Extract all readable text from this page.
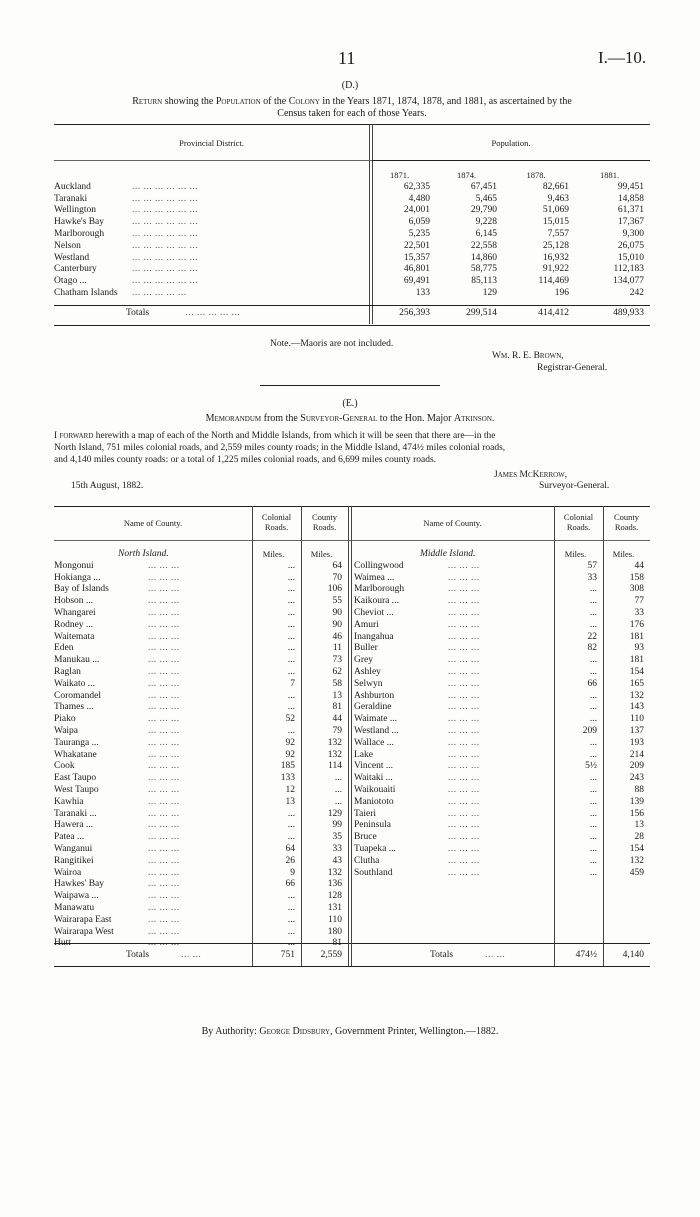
11	I.—10.
(D.)
Return showing the Population of the Colony in the Years 1871, 1874, 1878, and 1881, as ascertained by the
Census taken for each of those Years.
Provincial District.	Population.
	1871.	1874.	1878.	1881.
Auckland ... ... ... ... ... ...	62,335	67,451	82,661	99,451
Taranaki ... ... ... ... ... ...	4,480	5,465	9,463	14,858
Wellington ... ... ... ... ... ...	24,001	29,790	51,069	61,371
Hawke's Bay ... ... ... ... ... ...	6,059	9,228	15,015	17,367
Marlborough ... ... ... ... ... ...	5,235	6,145	7,557	9,300
Nelson ... ... ... ... ... ...	22,501	22,558	25,128	26,075
Westland ... ... ... ... ... ...	15,357	14,860	16,932	15,010
Canterbury ... ... ... ... ... ...	46,801	58,775	91,922	112,183
Otago ... ... ... ... ... ... ...	69,491	85,113	114,469	134,077
Chatham Islands ... ... ... ... ...	133	129	196	242
Totals	... ... ... ... ...	256,393	299,514	414,412	489,933
Note.—Maoris are not included.
Wm. R. E. Brown,
Registrar-General.
(E.)
Memorandum from the Surveyor-General to the Hon. Major Atkinson.
I forward herewith a map of each of the North and Middle Islands, from which it will be seen that there are—in the
North Island, 751 miles colonial roads, and 2,559 miles county roads; in the Middle Island, 474½ miles colonial roads,
and 4,140 miles county roads: or a total of 1,225 miles colonial roads, and 6,699 miles county roads.
James McKerrow,
15th August, 1882.	Surveyor-General.
Name of County.
Colonial
Roads.
County
Roads.	Name of County.
Colonial
Roads.
County
Roads.
North Island.	Miles.	Miles.
Mongonui ... ... ...	...	64
Hokianga ... ... ... ...	...	70
Bay of Islands ... ... ...	...	106
Hobson ... ... ... ...	...	55
Whangarei ... ... ...	...	90
Rodney ... ... ... ...	...	90
Waitemata ... ... ...	...	46
Eden ... ... ...	...	11
Manukau ... ... ... ...	...	73
Raglan ... ... ...	...	62
Waikato ... ... ... ...	7	58
Coromandel ... ... ...	...	13
Thames ... ... ... ...	...	81
Piako ... ... ...	52	44
Waipa ... ... ...	...	79
Tauranga ... ... ... ...	92	132
Whakatane ... ... ...	92	132
Cook ... ... ...	185	114
East Taupo ... ... ...	133	...
West Taupo ... ... ...	12	...
Kawhia ... ... ...	13	...
Taranaki ... ... ... ...	...	129
Hawera ... ... ... ...	...	99
Patea ... ... ... ...	...	35
Wanganui ... ... ...	64	33
Rangitikei ... ... ...	26	43
Wairoa ... ... ...	9	132
Hawkes' Bay ... ... ...	66	136
Waipawa ... ... ... ...	...	128
Manawatu ... ... ...	...	131
Wairarapa East ... ... ...	...	110
Wairarapa West ... ... ...	...	180
Hutt ... ... ...	...	81
Middle Island.	Miles.	Miles.
Collingwood ... ... ...	57	44
Waimea ... ... ... ...	33	158
Marlborough ... ... ...	...	308
Kaikoura ... ... ... ...	...	77
Cheviot ... ... ... ...	...	33
Amuri ... ... ...	...	176
Inangahua ... ... ...	22	181
Buller ... ... ...	82	93
Grey ... ... ...	...	181
Ashley ... ... ...	...	154
Selwyn ... ... ...	66	165
Ashburton ... ... ...	...	132
Geraldine ... ... ...	...	143
Waimate ... ... ... ...	...	110
Westland ... ... ... ...	209	137
Wallace ... ... ... ...	...	193
Lake ... ... ...	...	214
Vincent ... ... ... ...	5½	209
Waitaki ... ... ... ...	...	243
Waikouaiti ... ... ...	...	88
Maniototo ... ... ...	...	139
Taieri ... ... ...	...	156
Peninsula ... ... ...	...	13
Bruce ... ... ...	...	28
Tuapeka ... ... ... ...	...	154
Clutha ... ... ...	...	132
Southland ... ... ...	...	459
Totals	... ...	751	2,559	Totals	... ...	474½	4,140
By Authority: George Didsbury, Government Printer, Wellington.—1882.
